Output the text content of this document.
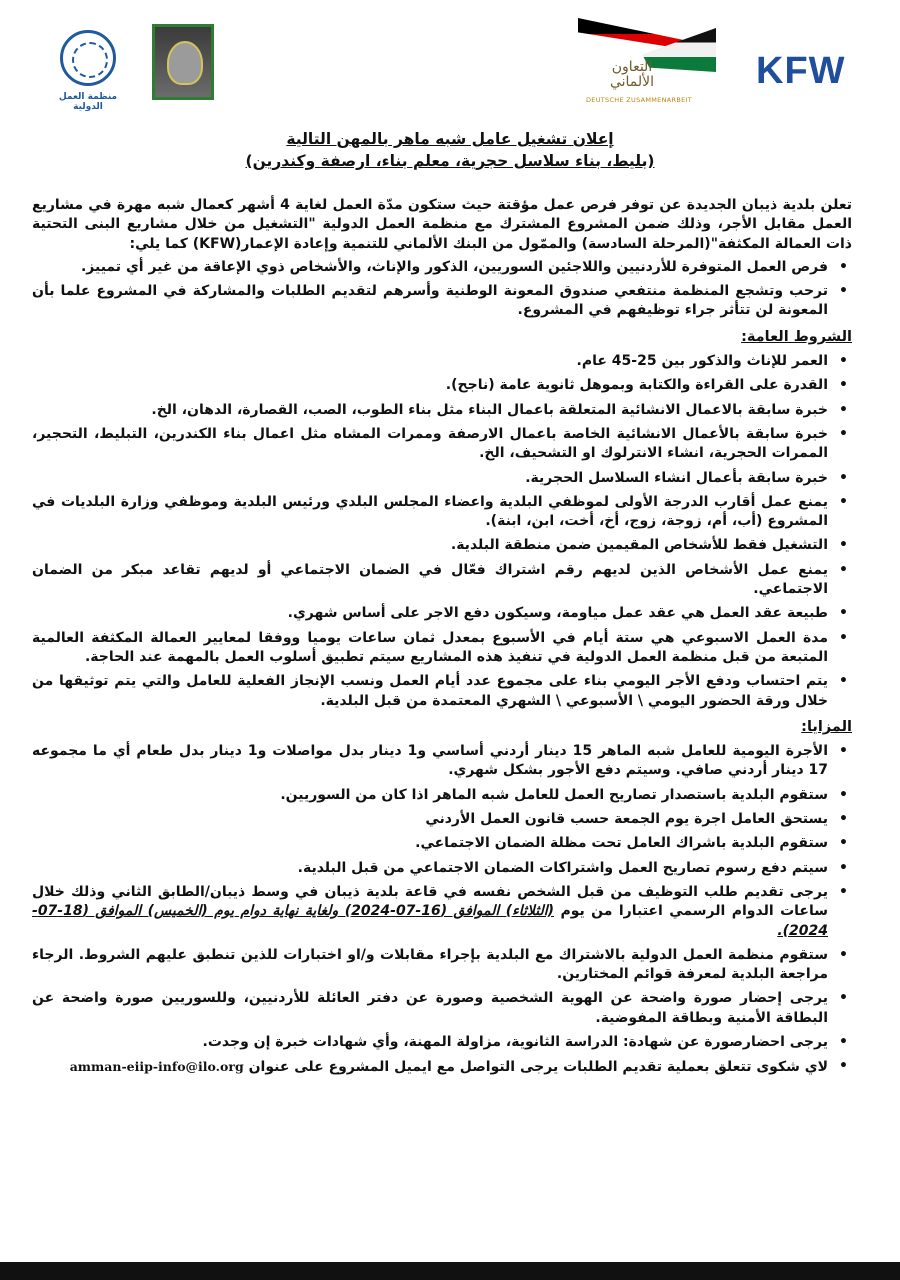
منظمة العمل الدولية
التعاون الألماني
DEUTSCHE ZUSAMMENARBEIT
KFW
إعلان تشغيل عامل شبه ماهر بالمهن التالية
(بليط، بناء سلاسل حجرية، معلم بناء، ارصفة وكندرين)

تعلن بلدية ذيبان الجديدة عن توفر فرص عمل مؤقتة حيث ستكون مدّة العمل لغاية 4 أشهر كعمال شبه مهرة في مشاريع العمل مقابل الأجر، وذلك ضمن المشروع المشترك مع منظمة العمل الدولية "التشغيل من خلال مشاريع البنى التحتية ذات العمالة المكثفة"(المرحلة السادسة) والممّول من البنك الألماني للتنمية وإعادة الإعمار(KFW) كما يلي:

• فرص العمل المتوفرة للأردنيين واللاجئين السوريين، الذكور والإناث، والأشخاص ذوي الإعاقة من غير أي تمييز.
• ترحب وتشجع المنظمة منتفعي صندوق المعونة الوطنية وأسرهم لتقديم الطلبات والمشاركة في المشروع علما بأن المعونة لن تتأثر جراء توظيفهم في المشروع.
الشروط العامة:
• العمر للإناث والذكور بين 25-45 عام.
• القدرة على القراءة والكتابة وبموهل ثانوية عامة (ناجح).
• خبرة سابقة بالاعمال الانشائية المتعلقة باعمال البناء مثل بناء الطوب، الصب، القصارة، الدهان، الخ.
• خبرة سابقة بالأعمال الانشائية الخاصة باعمال الارصفة وممرات المشاه مثل اعمال بناء الكندرين، التبليط، التحجير، الممرات الحجرية، انشاء الانترلوك او التشحيف، الخ.
• خبرة سابقة بأعمال انشاء السلاسل الحجرية.
• يمنع عمل أقارب الدرجة الأولى لموظفي البلدية واعضاء المجلس البلدي ورئيس البلدية وموظفي وزارة البلديات في المشروع (أب، أم، زوجة، زوج، أخ، أخت، ابن، ابنة).
• التشغيل فقط للأشخاص المقيمين ضمن منطقة البلدية.
• يمنع عمل الأشخاص الذين لديهم رقم اشتراك فعّال في الضمان الاجتماعي أو لديهم تقاعد مبكر من الضمان الاجتماعي.
• طبيعة عقد العمل هي عقد عمل مياومة، وسيكون دفع الاجر على أساس شهري.
• مدة العمل الاسبوعي هي ستة أيام في الأسبوع بمعدل ثمان ساعات يوميا ووفقا لمعايير العمالة المكثفة العالمية المتبعة من قبل منظمة العمل الدولية في تنفيذ هذه المشاريع سيتم تطبيق أسلوب العمل بالمهمة عند الحاجة.
• يتم احتساب ودفع الأجر اليومي بناء على مجموع عدد أيام العمل ونسب الإنجاز الفعلية للعامل والتي يتم توثيقها من خلال ورقة الحضور اليومي \ الأسبوعي \ الشهري المعتمدة من قبل البلدية.
المزايا:
• الأجرة اليومية للعامل شبه الماهر 15 دينار أردني أساسي و1 دينار بدل مواصلات و1 دينار بدل طعام أي ما مجموعه 17 دينار أردني صافي. وسيتم دفع الأجور بشكل شهري.
• ستقوم البلدية باستصدار تصاريح العمل للعامل شبه الماهر اذا كان من السوريين.
• يستحق العامل اجرة يوم الجمعة حسب قانون العمل الأردني
• ستقوم البلدية باشراك العامل تحت مظلة الضمان الاجتماعي.
• سيتم دفع رسوم تصاريح العمل واشتراكات الضمان الاجتماعي من قبل البلدية.
• يرجى تقديم طلب التوظيف من قبل الشخص نفسه في قاعة بلدية ذيبان في وسط ذيبان/الطابق الثاني وذلك خلال ساعات الدوام الرسمي اعتبارا من يوم (الثلاثاء) الموافق (16-07-2024) ولغاية نهاية دوام يوم (الخميس) الموافق (18-07-2024).
• ستقوم منظمة العمل الدولية بالاشتراك مع البلدية بإجراء مقابلات و/او اختبارات للذين تنطبق عليهم الشروط. الرجاء مراجعة البلدية لمعرفة قوائم المختارين.
• يرجى إحضار صورة واضحة عن الهوية الشخصية وصورة عن دفتر العائلة للأردنيين، وللسوريين صورة واضحة عن البطاقة الأمنية وبطاقة المفوضية.
• يرجى احضارصورة عن شهادة: الدراسة الثانوية، مزاولة المهنة، وأي شهادات خبرة إن وجدت.
• لاي شكوى تتعلق بعملية تقديم الطلبات يرجى التواصل مع ايميل المشروع على عنوان amman-eiip-info@ilo.org
